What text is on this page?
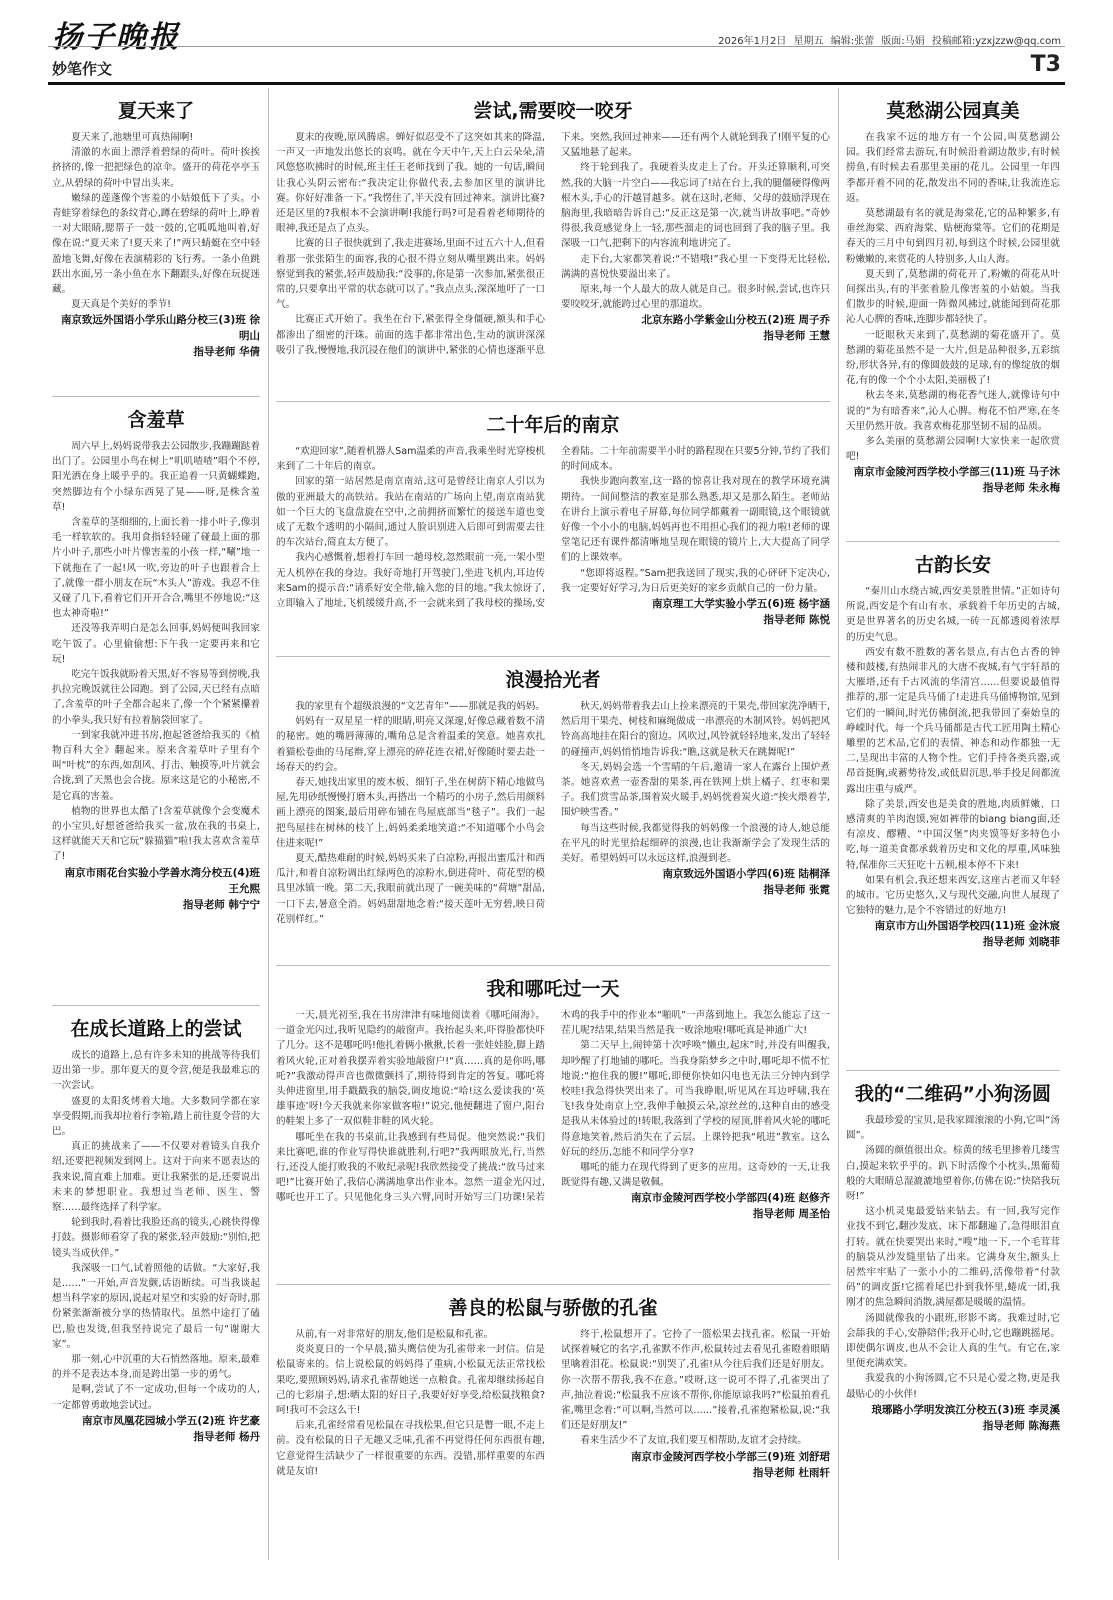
扬子晚报	2026年1月2日 星期五 编辑:张蕾 版面:马娟 投稿邮箱:yzxjzzw@qq.com
妙笔作文	T3
夏天来了

夏天来了,池塘里可真热闹啊!

清澈的水面上漂浮着碧绿的荷叶。荷叶挨挨挤挤的,像一把把绿色的凉伞。盛开的荷花亭亭玉立,从碧绿的荷叶中冒出头来。

嫩绿的莲蓬像个害羞的小姑娘低下了头。小青蛙穿着绿色的条纹背心,蹲在碧绿的荷叶上,睁着一对大眼睛,腮帮子一鼓一鼓的,它呱呱地叫着,好像在说:“夏天来了!夏天来了!”两只蜻蜓在空中轻盈地飞舞,好像在表演精彩的飞行秀。一条小鱼跳跃出水面,另一条小鱼在水下翻跟头,好像在玩捉迷藏。

夏天真是个美好的季节!

南京致远外国语小学乐山路分校三(3)班 徐明山
指导老师 华倩
含羞草

周六早上,妈妈说带我去公园散步,我蹦蹦跶着出门了。公园里小鸟在树上“叽叽喳喳”唱个不停,阳光洒在身上暖乎乎的。我正追着一只黄蝴蝶跑,突然脚边有个小绿东西晃了晃——呀,是株含羞草!

含羞草的茎细细的,上面长着一排小叶子,像羽毛一样软软的。我用食指轻轻碰了碰最上面的那片小叶子,那些小叶片像害羞的小孩一样,“唰”地一下就拖在了一起!风一吹,旁边的叶子也跟着合上了,就像一群小朋友在玩“木头人”游戏。我忍不住又碰了几下,看着它们开开合合,嘴里不停地说:“这也太神奇啦!”

还没等我弄明白是怎么回事,妈妈便叫我回家吃午饭了。心里偷偷想:下午我一定要再来和它玩!

吃完午饭我就盼着天黑,好不容易等到傍晚,我扒拉完晚饭就往公园跑。到了公园,天已经有点暗了,含羞草的叶子全都合起来了,像一个个紧紧攥着的小拳头,我只好有拉着脑袋回家了。

一到家我就冲进书房,抱起爸爸给我买的《植物百科大全》翻起来。原来含羞草叶子里有个叫“叶枕”的东西,如刮风、打击、触摸等,叶片就会合拢,到了天黑也会合拢。原来这是它的小秘密,不是它真的害羞。

植物的世界也太酷了!含羞草就像个会变魔术的小宝贝,好想爸爸给我买一盆,放在我的书桌上,这样就能天天和它玩“躲猫猫”啦!我太喜欢含羞草了!

南京市雨花台实验小学善水湾分校五(4)班 王允熙
指导老师 韩宁宁
在成长道路上的尝试

成长的道路上,总有许多未知的挑战等待我们迈出第一步。那年夏天的夏令营,便是我最难忘的一次尝试。

盛夏的太阳炙烤着大地。大多数同学都在家享受假期,而我却拉着行李箱,踏上前往夏令营的大巴。

真正的挑战来了——不仅要对着镜头自我介绍,还要把视频发到网上。这对于向来不愿表达的我来说,简直难上加难。更让我紧张的是,还要说出未来的梦想职业。我想过当老师、医生、警察……最终选择了科学家。

轮到我时,看着比我脸还高的镜头,心跳快得像打鼓。摄影师看穿了我的紧张,轻声鼓励:“别怕,把镜头当成伙伴。”

我深吸一口气,试着照他的话做。“大家好,我是……”一开始,声音发颤,话语断续。可当我谈起想当科学家的原因,说起对星空和实验的好奇时,那份紧张渐渐被分享的热情取代。虽然中途打了磕巴,脸也发烫,但我坚持说完了最后一句“谢谢大家”。

那一刻,心中沉重的大石悄然落地。原来,最难的并不是表达本身,而是跨出第一步的勇气。

是啊,尝试了不一定成功,但每一个成功的人,一定都曾勇敢地尝试过。

南京市凤凰花园城小学五(2)班 许艺豪
指导老师 杨丹
尝试,需要咬一咬牙

夏末的夜晚,原风腾虐。蝉好似忍受不了这突如其来的降温,一声又一声地发出悠长的哀鸣。就在今天中午,天上白云朵朵,清风悠悠吹拂时的时候,班主任王老师找到了我。她的一句话,瞬间让我心头阴云密布:“我决定让你做代表,去参加区里的演讲比赛。你好好准备一下。”我愣住了,半天没有回过神来。演讲比赛?还是区里的?我根本不会演讲啊!我能行吗?可是看着老师期待的眼神,我还是点了点头。

比赛的日子很快就到了,我走进赛场,里面不过五六十人,但看着那一张张陌生的面容,我的心很不得立刻从嘴里跳出来。妈妈察觉到我的紧张,轻声鼓励我:“没事的,你是第一次参加,紧张很正常的,只要拿出平常的状态就可以了。”我点点头,深深地吁了一口气。

比赛正式开始了。我坐在台下,紧张得全身僵硬,额头和手心都渗出了细密的汗珠。前面的选手都非常出色,生动的演讲深深吸引了我,慢慢地,我沉浸在他们的演讲中,紧张的心情也逐渐平息下来。突然,我回过神来——还有两个人就轮到我了!刚平复的心又猛地悬了起来。

终于轮到我了。我硬着头皮走上了台。开头还算顺利,可突然,我的大脑一片空白——我忘词了!站在台上,我的腿僵硬得像两根木头,手心的汗越冒越多。就在这时,老师、父母的鼓励浮现在脑海里,我暗暗告诉自己:“反正这是第一次,就当讲故事吧。”奇妙得很,我竟感觉身上一轻,那些溜走的词也回到了我的脑子里。我深吸一口气,把剩下的内容流利地讲完了。

走下台,大家都笑着说:“不错哦!”我心里一下变得无比轻松,满满的喜悦快要溢出来了。

原来,每一个人最大的敌人就是自己。很多时候,尝试,也许只要咬咬牙,就能跨过心里的那道坎。

北京东路小学紫金山分校五(2)班 周子乔
指导老师 王慧
二十年后的南京

“欢迎回家”,随着机器人Sam温柔的声音,我乘坐时光穿梭机来到了二十年后的南京。

回家的第一站居然是南京南站,这可是曾经让南京人引以为傲的亚洲最大的高铁站。我站在南站的广场向上望,南京南站犹如一个巨大的飞盘盘旋在空中,之前拥挤而繁忙的接送车道也变成了无数个透明的小隔间,通过人脸识别进入后即可到需要去往的车次站台,简直太方便了。

我内心感慨着,想着打车回一趟母校,忽然眼前一亮,一架小型无人机停在我的身边。我好奇地打开驾驶门,坐进飞机内,耳边传来Sam的提示音:“请系好安全带,输入您的目的地。”我太惊讶了,立即输入了地址,飞机缓缓升高,不一会就来到了我母校的操场,安全着陆。二十年前需要半小时的路程现在只要5分钟,节约了我们的时间成本。

我快步跑向教室,这一路的惊喜让我对现在的教学环境充满期待。一间间整洁的教室是那么熟悉,却又是那么陌生。老师站在讲台上演示着电子屏幕,每位同学都戴着一副眼镜,这个眼镜就好像一个小小的电脑,妈妈再也不用担心我们的视力啦!老师的课堂笔记还有课件都清晰地呈现在眼镜的镜片上,大大提高了同学们的上课效率。

“您即将返程。”Sam把我送回了现实,我的心砰砰下定决心,我一定要好好学习,为日后更美好的家乡贡献自己的一份力量。

南京理工大学实验小学五(6)班 杨宇涵
指导老师 陈悦
浪漫拾光者

我的家里有个超级浪漫的“文艺青年”——那就是我的妈妈。

妈妈有一双星星一样的眼睛,明亮又深邃,好像总藏着数不清的秘密。她的嘴唇薄薄的,嘴角总是含着温柔的笑意。她喜欢扎着猫松卷曲的马尾辫,穿上漂亮的碎花连衣裙,好像随时要去赴一场春天的约会。

春天,她找出家里的废木板、细钉子,坐在树荫下精心地做鸟屋,先用砂纸慢慢打磨木头,再搭出一个精巧的小房子,然后用颜料画上漂亮的图案,最后用碎布铺在鸟屋底部当“毯子”。我们一起把鸟屋挂在树林的枝丫上,妈妈柔柔地笑道:“不知道哪个小鸟会住进来呢!”

夏天,酷热难耐的时候,妈妈买来了白凉粉,再报出蜜瓜汁和西瓜汁,和着自凉粉调出红绿两色的凉粉水,倒进荷叶、荷花型的模具里冰镇一晚。第二天,我眼前就出现了一碗美味的“荷塘”甜品,一口下去,暑意全消。妈妈甜甜地念着:“接天莲叶无穷碧,映日荷花别样红。”

秋天,妈妈带着我去山上捡来漂亮的干果壳,带回家洗净晒干,然后用干果壳、树枝和麻绳做成一串漂亮的木制风铃。妈妈把风铃高高地挂在阳台的窗边。风吹过,风铃就轻轻地来,发出了轻轻的碰撞声,妈妈悄悄地告诉我:“瞧,这就是秋天在跳舞呢!”

冬天,妈妈会选一个雪晴的午后,邀请一家人在露台上围炉煮茶。她喜欢煮一壶香甜的果茶,再在铁网上烘上橘子、红枣和栗子。我们赏雪品茶,围着炭火暖手,妈妈恍着炭火道:“挨火煨着芋,围炉映雪香。”

每当这些时候,我都觉得我的妈妈像一个浪漫的诗人,她总能在平凡的时光里拾起细碎的浪漫,也让我渐渐学会了发现生活的美好。希望妈妈可以永远这样,浪漫到老。

南京致远外国语小学四(6)班 陆桐泽
指导老师 张霓
我和哪吒过一天

一天,晨光初至,我在书房津津有味地阅读着《哪吒闹海》。一道金光闪过,我听见隐约的敲窗声。我抬起头来,吓得脸都快吓了几分。这不是哪吒吗!他扎着俩小揪揪,长着一张娃娃脸,脚上踏着风火轮,正对着我摆弄着实验地敲窗户!“真……真的是你吗,哪吒?”我激动得声音也微微颤抖了,期待得到肯定的答复。哪吒将头伸进窗里,用手戳戳我的脑袋,调皮地说:“哈!这么爱读我的‘英雄事迹’呀!今天我就来你家做客啦!”说完,他便翻进了窗户,阳台的鞋架上多了一双似鞋非鞋的风火轮。

哪吒坐在我的书桌前,让我感到有些局促。他突然说:“我们来比赛吧,谁的作业写得快谁就胜利,行吧?”我两眼放光,行,当然行,还没人能打败我的不败纪录呢!我欣然接受了挑战:“放马过来吧!”比赛开始了,我信心满满地拿出作业本。忽然一道金光闪过,哪吒也开工了。只见他化身三头六臂,同时开始写三门功课!呆若木鸡的我手中的作业本“啪叽”一声落到地上。我怎么能忘了这一茬儿呢?结果,结果当然是我一败涂地啦!哪吒真是神通广大!

第二天早上,闹钟第十次呼唤“懒虫,起床”时,并没有叫醒我,却吵醒了打地铺的哪吒。当我身陷梦乡之中时,哪吒却不慌不忙地说:“抱住我的腰!”哪吒,即便你快如闪电也无法三分钟内到学校哇!我急得快哭出来了。可当我睁眼,听见风在耳边呼啸,我在飞!我身处南京上空,我伸手触摸云朵,凉丝丝的,这种自由的感受是我从未体验过的!转眼,我落到了学校的屋顶,胖着风火轮的哪吒得意地笑着,然后消失在了云层。上课铃把我“吼进”教室。这么好玩的经历,怎能不和同学分享?

哪吒的能力在现代得到了更多的应用。这奇妙的一天,让我既觉得有趣,又满是敬佩。

南京市金陵河西学校小学部四(4)班 赵修齐
指导老师 周圣怡
善良的松鼠与骄傲的孔雀

从前,有一对非常好的朋友,他们是松鼠和孔雀。

炎炎夏日的一个早晨,猫头鹰信使为孔雀带来一封信。信是松鼠寄来的。信上说松鼠的妈妈得了重病,小松鼠无法正常找松果吃,要照顾妈妈,请求孔雀帮她送一点粮食。孔雀却继续扬起自己的七彩扇子,想:晒太阳的好日子,我要好好享受,给松鼠找粮食?呵!我可不会这么干!

后来,孔雀经常看见松鼠在寻找松果,但它只是瞥一眼,不走上前。没有松鼠的日子无趣又乏味,孔雀不再觉得任何东西很有趣,它意觉得生活缺少了一样很重要的东西。没错,那样重要的东西就是友谊!

终于,松鼠想开了。它拎了一篮松果去找孔雀。松鼠一开始试探着喊它的名字,孔雀默不作声,松鼠转过去看见孔雀瞪着眼睛里噙着泪花。松鼠说:“别哭了,孔雀!从今往后我们还是好朋友。你一次帮不帮我,我不在意。”哎呀,这一说可不得了,孔雀哭出了声,抽泣着说:“松鼠我不应该不帮你,你能原谅我吗?”松鼠拍着孔雀,嘴里念着:“可以啊,当然可以……”接着,孔雀抱紧松鼠,说:“我们还是好朋友!”

看来生活少不了友谊,我们要互相帮助,友谊才会持续。

南京市金陵河西学校小学部三(9)班 刘舒珺
指导老师 杜雨轩
莫愁湖公园真美

在我家不远的地方有一个公园,叫莫愁湖公园。我们经常去游玩,有时候沿着湖边散步,有时候捞鱼,有时候去看那里美丽的花儿。公园里一年四季都开着不同的花,散发出不同的香味,让我流连忘返。

莫愁湖最有名的就是海棠花,它的品种繁多,有垂丝海棠、西府海棠、贴梗海棠等。它们的花期是春天的三月中旬到四月初,每到这个时候,公园里就粉嫩嫩的,来赏花的人特别多,人山人海。

夏天到了,莫愁湖的荷花开了,粉嫩的荷花从叶间探出头,有的半张着脸儿像害羞的小姑娘。当我们散步的时候,迎面一阵微风拂过,就能闻到荷花那沁人心脾的香味,连脚步都轻快了。

一眨眼秋天来到了,莫愁湖的菊花盛开了。莫愁湖的菊花虽然不是一大片,但是品种很多,五彩缤纷,形状各异,有的像圆鼓鼓的足球,有的像绽放的烟花,有的像一个个小太阳,美丽极了!

秋去冬来,莫愁湖的梅花香气迷人,就像诗句中说的“为有暗香来”,沁人心脾。梅花不怕严寒,在冬天里仍然开放。我喜欢梅花那坚韧不屈的品质。

多么美丽的莫愁湖公园啊!大家快来一起欣赏吧!

南京市金陵河西学校小学部三(11)班 马子沐
指导老师 朱永梅
古韵长安

“秦川山水绕古城,西安美景胜世情。”正如诗句所说,西安是个有山有水、承载着千年历史的古城,更是世界著名的历史名城,一砖一瓦都透阅着浓厚的历史气息。

西安有数不胜数的著名景点,有古色古香的钟楼和鼓楼,有热闹非凡的大唐不夜城,有气宇轩昂的大雁塔,还有千古风流的华清宫……但要说最值得推荐的,那一定是兵马俑了!走进兵马俑博物馆,见到它们的一瞬间,时光仿佛倒流,把我带回了秦始皇的峥嵘时代。每一个兵马俑都是古代工匠用陶土精心雕塑的艺术品,它们的表情、神态和动作都独一无二,呈现出丰富的人物个性。它们手持各类兵器,或昂首挺胸,或蓄势待发,或低眉沉思,举手投足间都流露出庄重与威严。

除了美景,西安也是美食的胜地,肉质鲜嫩、口感清爽的羊肉泡馍,宛如裤带的biang biang面,还有凉皮、醪糟、“中国汉堡”肉夹馍等好多特色小吃,每一道美食都承载着历史和文化的厚重,风味独特,保准你三天狂吃十五顿,根本停不下来!

如果有机会,我还想来西安,这座古老而又年轻的城市。它历史悠久,又与现代交融,向世人展现了它独特的魅力,是个不容错过的好地方!

南京市方山外国语学校四(11)班 金沐宸
指导老师 刘晓菲
我的“二维码”小狗汤圆

我最珍爱的宝贝,是我家圆滚滚的小狗,它叫“汤圆”。

汤圆的颜值很出众。棕黄的绒毛里掺着几缕雪白,摸起来软乎乎的。趴下时活像个小枕头,黑葡萄般的大眼睛总湿漉漉地望着你,仿佛在说:“快陪我玩呀!”

这小机灵鬼最爱钻来钻去。有一回,我写完作业找不到它,翻沙发底、床下都翻遍了,急得眼泪直打转。就在快要哭出来时,“嗖”地一下,一个毛茸茸的脑袋从沙发缝里钻了出来。它满身灰尘,额头上居然牢牢贴了一张小小的二维码,活像带着“付款码”的调皮蛋!它摇着尾巴扑到我怀里,蜷成一团,我刚才的焦急瞬间消散,满屋都是暖暖的温情。

汤圆就像我的小跟班,形影不离。我难过时,它会舔我的手心,安静陪伴;我开心时,它也蹦跳摇尾。即使偶尔调皮,也从不会让人真的生气。有它在,家里便充满欢笑。

我爱我的小狗汤圆,它不只是心爱之物,更是我最贴心的小伙伴!

琅琊路小学明发滨江分校五(3)班 李灵溪
指导老师 陈海燕
